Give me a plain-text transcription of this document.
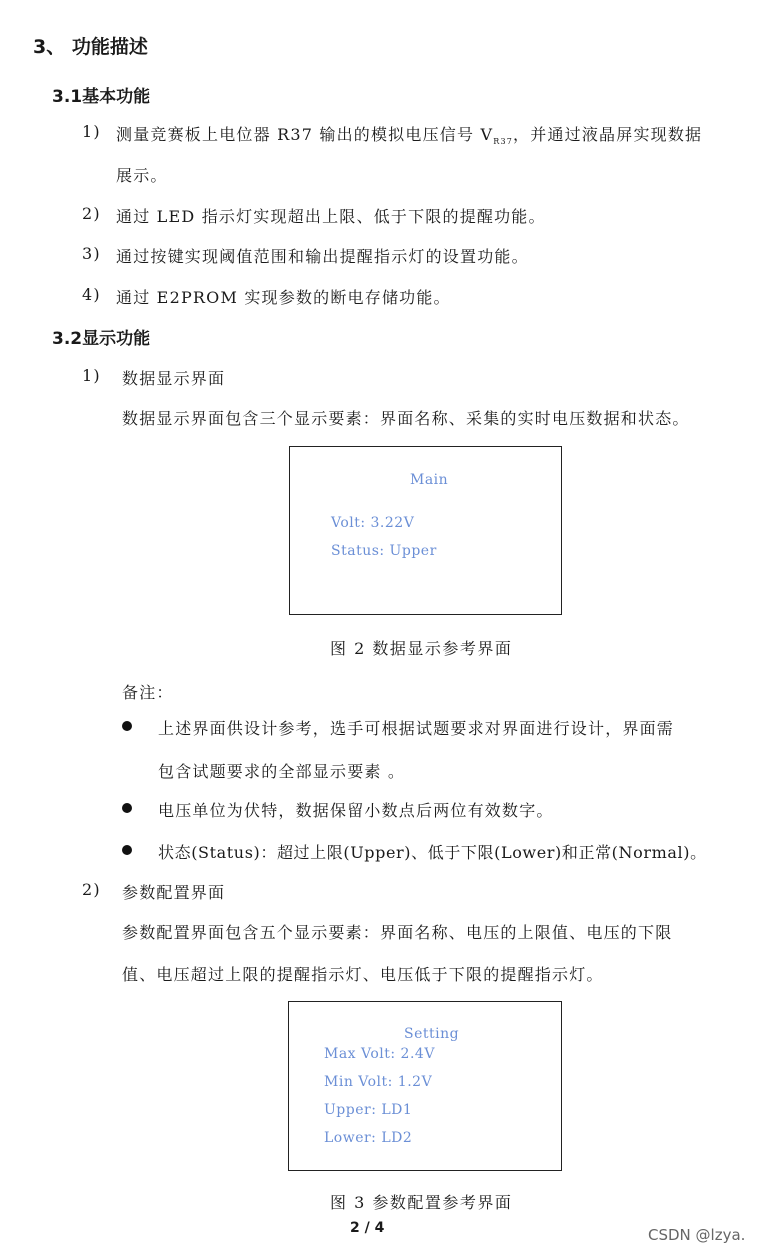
3、 功能描述
3.1基本功能
1) 测量竞赛板上电位器 R37 输出的模拟电压信号 $V_{R37}$，并通过液晶屏实现数据
展示。
2) 通过 LED 指示灯实现超出上限、低于下限的提醒功能。
3) 通过按键实现阈值范围和输出提醒指示灯的设置功能。
4) 通过 E2PROM 实现参数的断电存储功能。
3.2显示功能
1) 数据显示界面
数据显示界面包含三个显示要素：界面名称、采集的实时电压数据和状态。
Main
Volt: 3.22V
Status: Upper
图 2 数据显示参考界面
备注：
上述界面供设计参考，选手可根据试题要求对界面进行设计，界面需
包含试题要求的全部显示要素 。
电压单位为伏特，数据保留小数点后两位有效数字。
状态(Status)：超过上限(Upper)、低于下限(Lower)和正常(Normal)。
2) 参数配置界面
参数配置界面包含五个显示要素：界面名称、电压的上限值、电压的下限
值、电压超过上限的提醒指示灯、电压低于下限的提醒指示灯。
Setting
Max Volt: 2.4V
Min Volt: 1.2V
Upper: LD1
Lower: LD2
图 3 参数配置参考界面
2 / 4	CSDN @lzya.
